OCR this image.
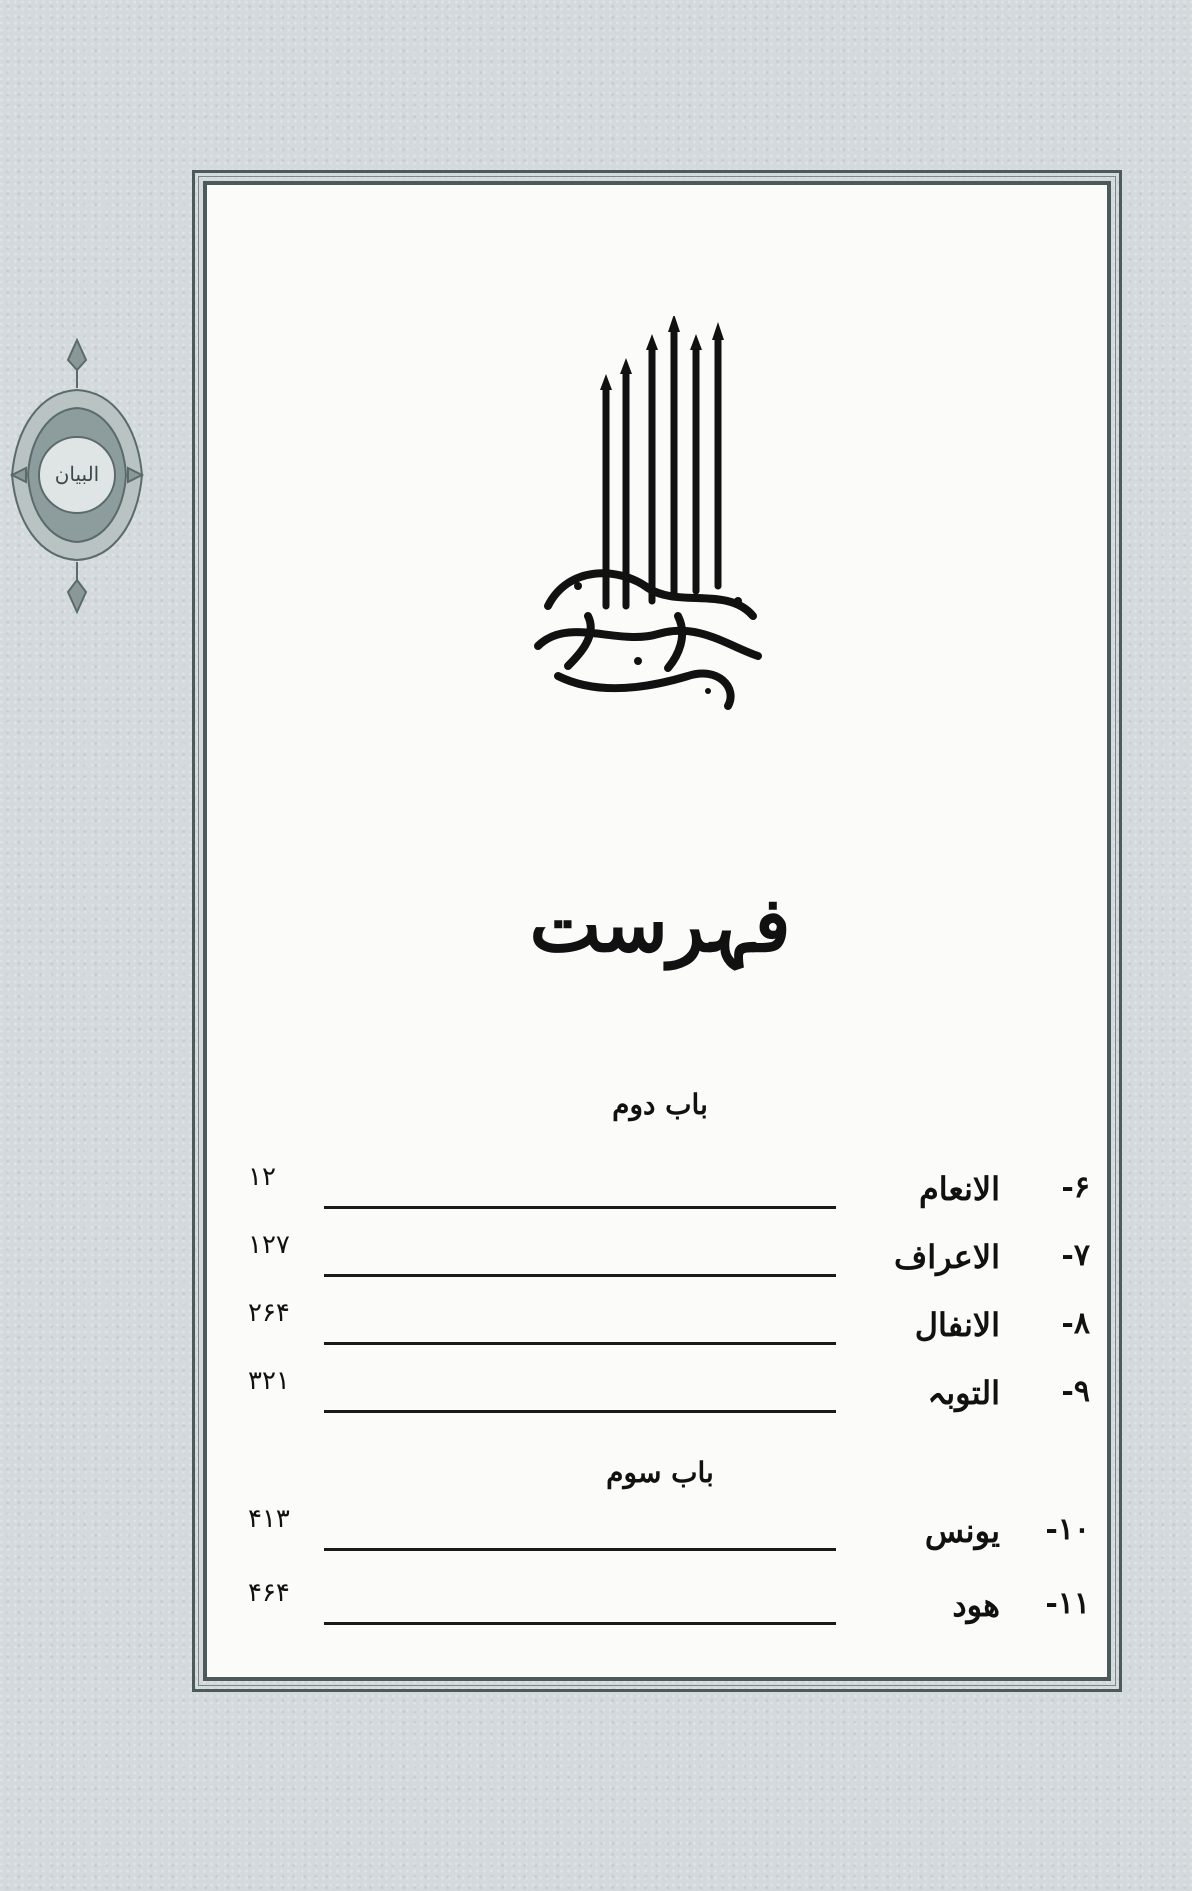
البیان
فہرست
باب دوم
۶-
الانعام
۱۲
۷-
الاعراف
۱۲۷
۸-
الانفال
۲۶۴
۹-
التوبہ
۳۲۱
باب سوم
۱۰-
یونس
۴۱۳
۱۱-
ھود
۴۶۴
